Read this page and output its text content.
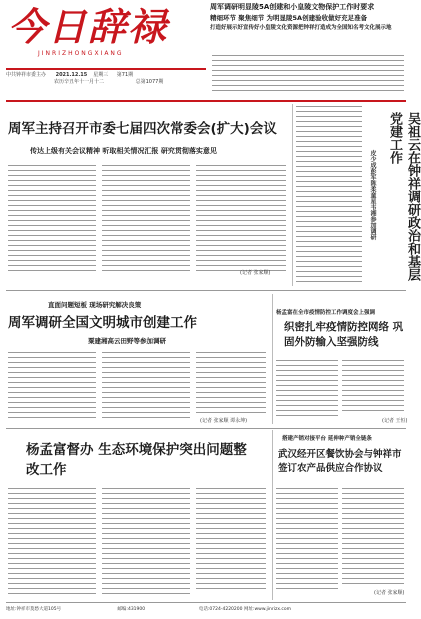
今日辞禄
JINRIZHONGXIANG
中共钟祥市委主办 2021.12.15 星期三 第71期
农历辛丑年十一月十二	总第1077期
周军调研明显陵5A创建和小皇陵文物保护工作时要求
精细环节 聚焦细节 为明显陵5A创建验收做好充足准备
打造好展示好宣传好小皇陵文化资源把钟祥打造成为全国知名考文化展示地
周军主持召开市委七届四次常委会(扩大)会议
传达上级有关会议精神 听取相关情况汇报 研究贯彻落实意见
(记者 张家顺)	吴祖云在钟祥调研政治和基层党建工作
皮少成彭军陈柔童星韦湘参加调研
直面问题短板 现场研究解决良策
周军调研全国文明城市创建工作
粟建湘高云田野等参加调研
(记者 张家顺 谭永坤)
杨孟富在全市疫情防控工作调度会上强调
织密扎牢疫情防控网络 巩固外防输入坚强防线
(记者 王恒)
杨孟富督办 生态环境保护突出问题整改工作
搭建产销对接平台 延伸种产销全链条
武汉经开区餐饮协会与钟祥市签订农产品供应合作协议
(记者 张家顺)
地址:钟祥市莫愁大道105号	邮编:431900	电话:0724-4220200 网址:www.jinrizx.com
